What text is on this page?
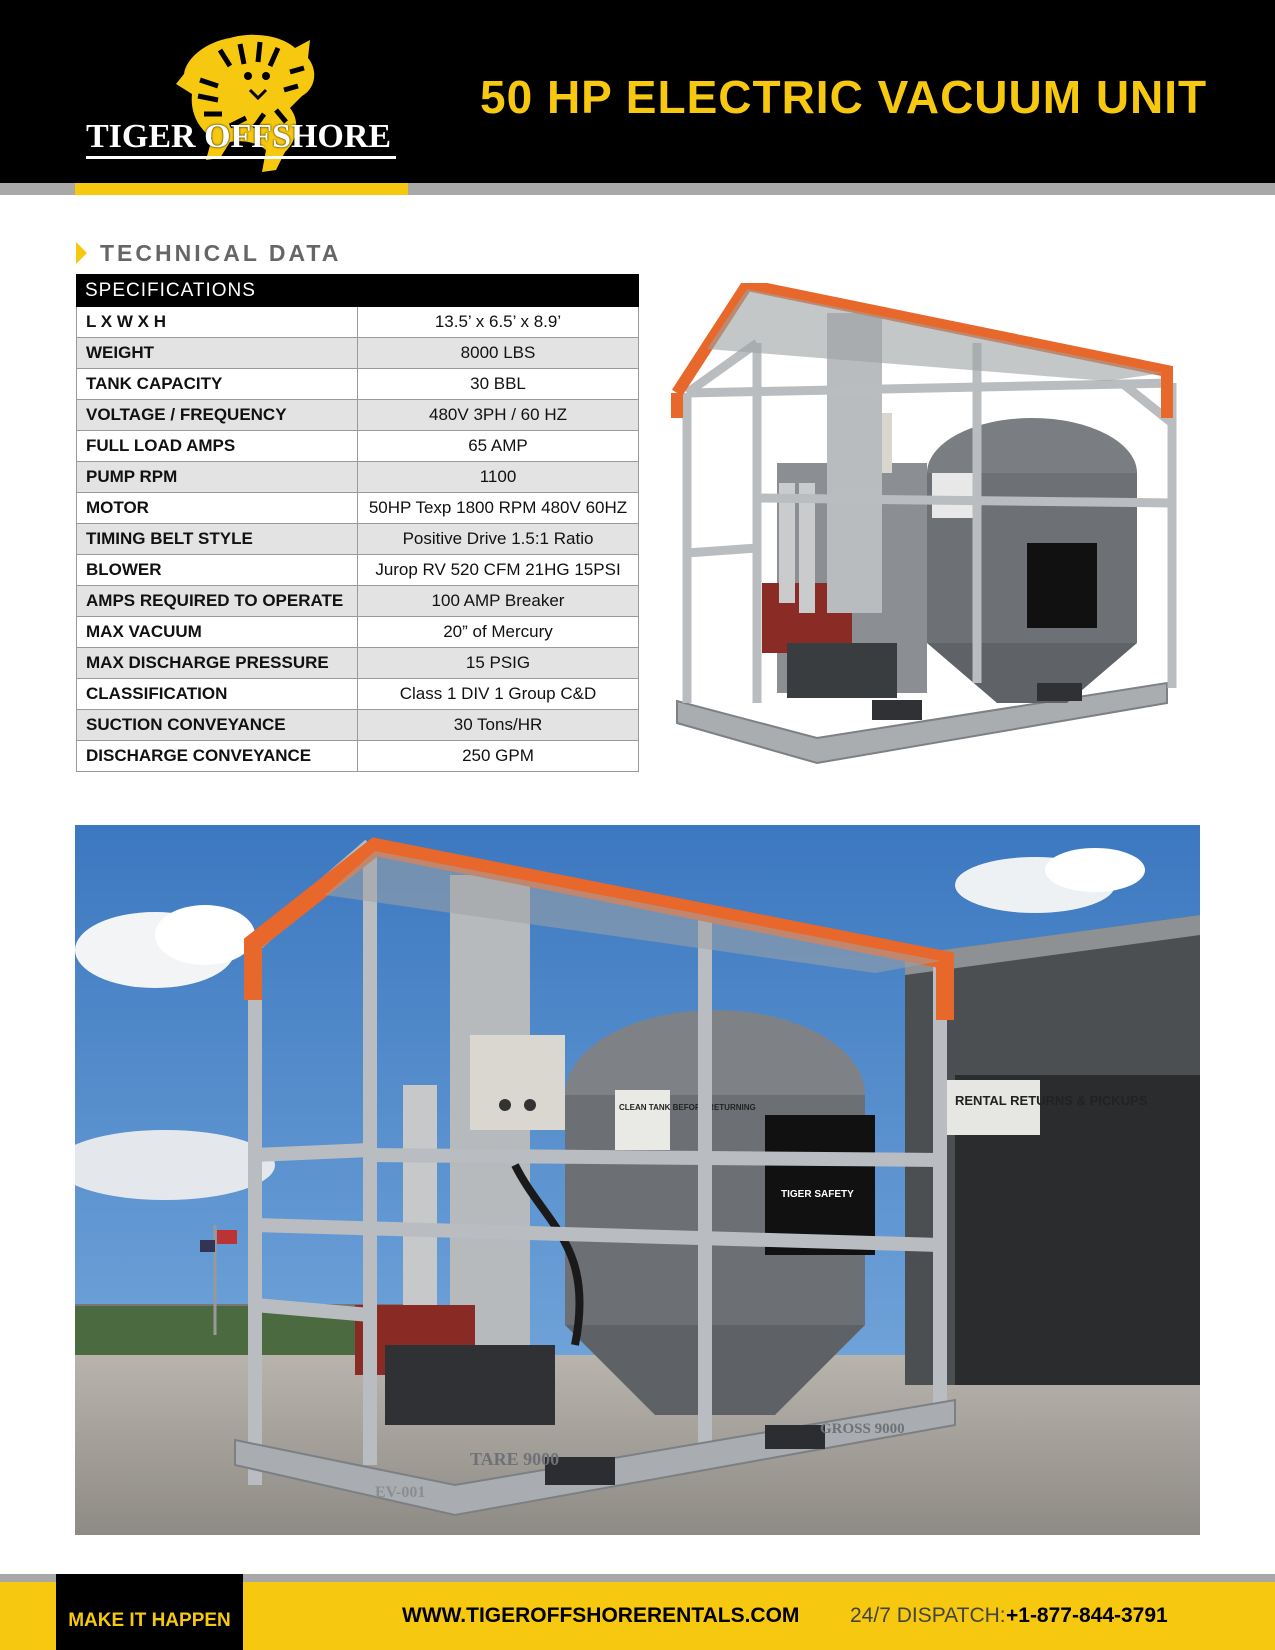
TIGER OFFSHORE
50 HP ELECTRIC VACUUM UNIT
TECHNICAL DATA
SPECIFICATIONS	
L X W X H	13.5’ x 6.5’ x 8.9’
WEIGHT	8000 LBS
TANK CAPACITY	30 BBL
VOLTAGE / FREQUENCY	480V 3PH / 60 HZ
FULL LOAD AMPS	65 AMP
PUMP RPM	1100
MOTOR	50HP Texp 1800 RPM 480V 60HZ
TIMING BELT STYLE	Positive Drive 1.5:1 Ratio
BLOWER	Jurop RV 520 CFM 21HG 15PSI
AMPS REQUIRED TO OPERATE	100 AMP Breaker
MAX VACUUM	20” of Mercury
MAX DISCHARGE PRESSURE	15 PSIG
CLASSIFICATION	Class 1 DIV 1 Group C&D
SUCTION CONVEYANCE	30 Tons/HR
DISCHARGE CONVEYANCE	250 GPM
RENTAL RETURNS & PICKUPS
TIGER SAFETY
CLEAN TANK BEFORE RETURNING
TARE 9000
GROSS 9000
EV-001
MAKE IT HAPPEN	WWW.TIGEROFFSHORERENTALS.COM 24/7 DISPATCH: +1-877-844-3791
